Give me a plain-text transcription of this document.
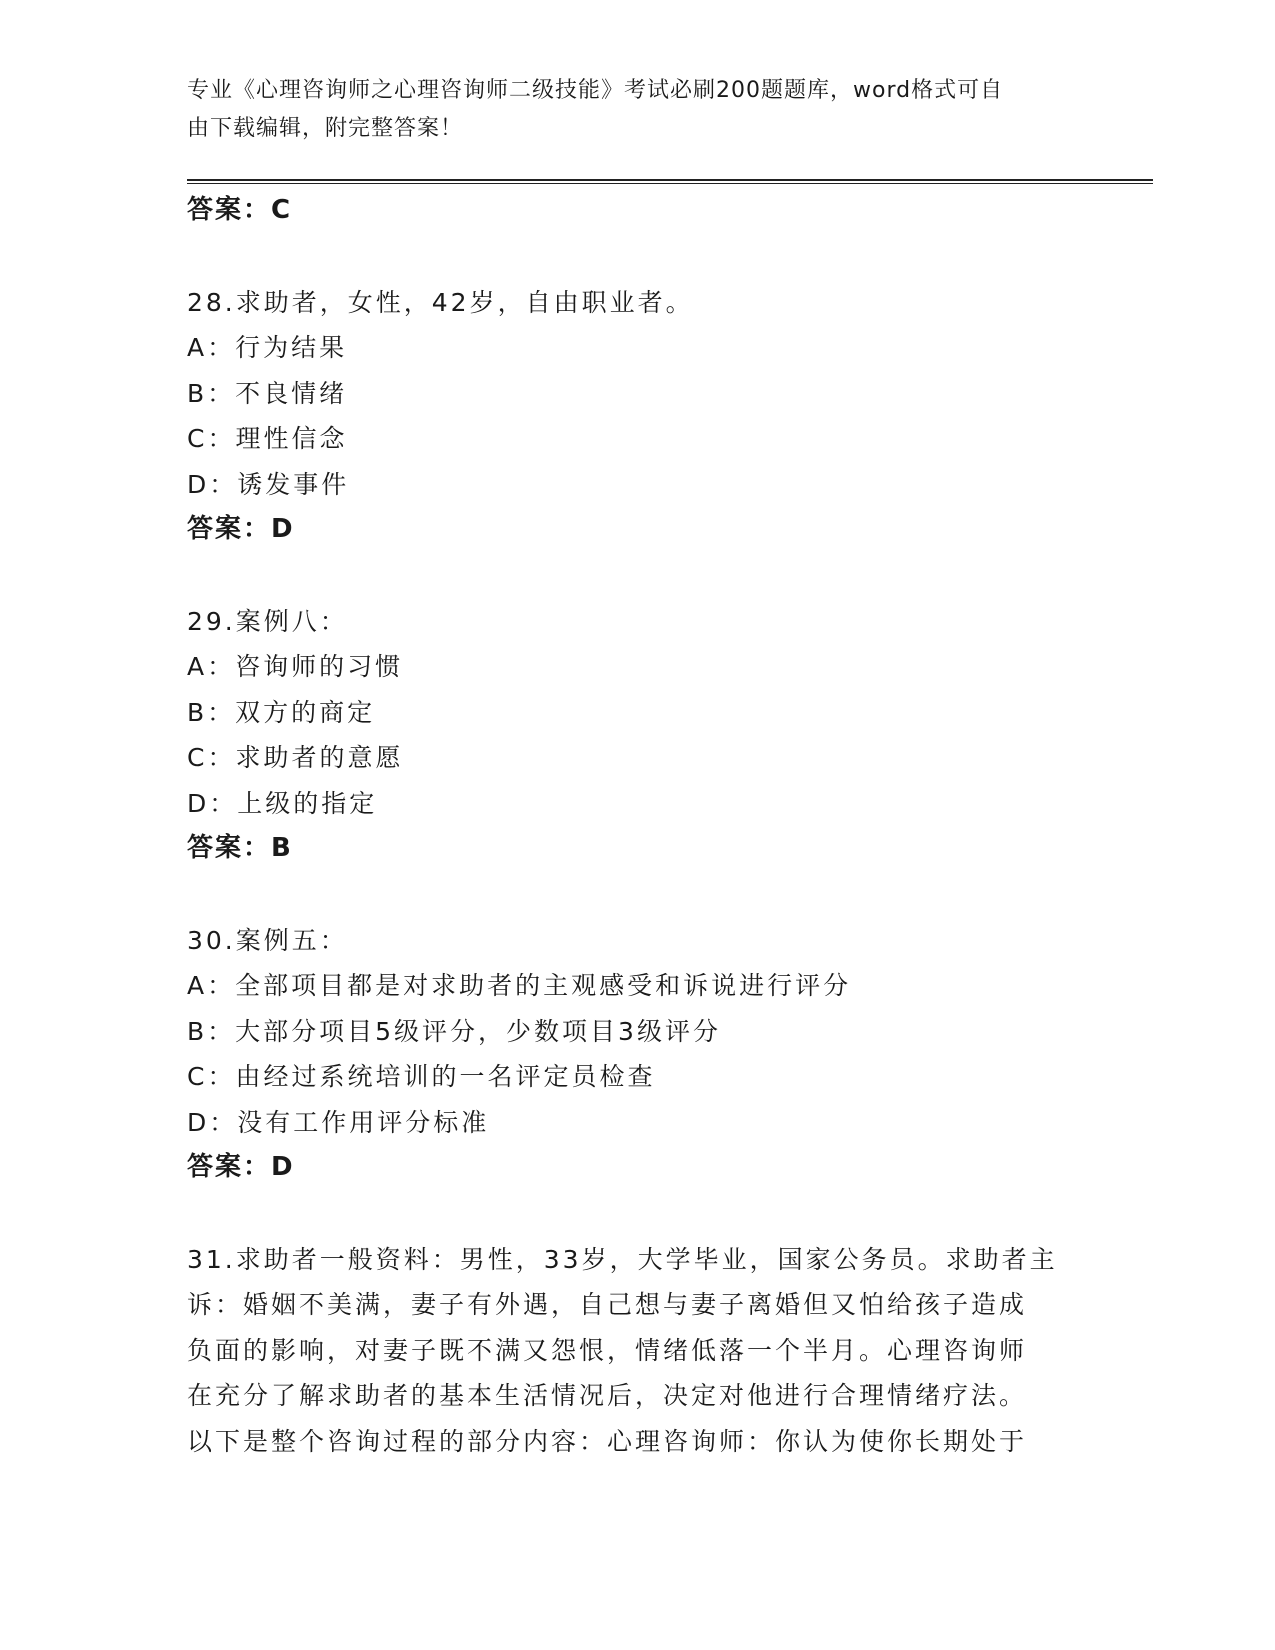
专业《心理咨询师之心理咨询师二级技能》考试必刷200题题库，word格式可自
由下载编辑，附完整答案！
答案：C
28.求助者，女性，42岁，自由职业者。
A：行为结果
B：不良情绪
C：理性信念
D：诱发事件
答案：D
29.案例八：
A：咨询师的习惯
B：双方的商定
C：求助者的意愿
D：上级的指定
答案：B
30.案例五：
A：全部项目都是对求助者的主观感受和诉说进行评分
B：大部分项目5级评分，少数项目3级评分
C：由经过系统培训的一名评定员检查
D：没有工作用评分标准
答案：D
31.求助者一般资料：男性，33岁，大学毕业，国家公务员。求助者主
诉：婚姻不美满，妻子有外遇，自己想与妻子离婚但又怕给孩子造成
负面的影响，对妻子既不满又怨恨，情绪低落一个半月。心理咨询师
在充分了解求助者的基本生活情况后，决定对他进行合理情绪疗法。
以下是整个咨询过程的部分内容：心理咨询师：你认为使你长期处于
